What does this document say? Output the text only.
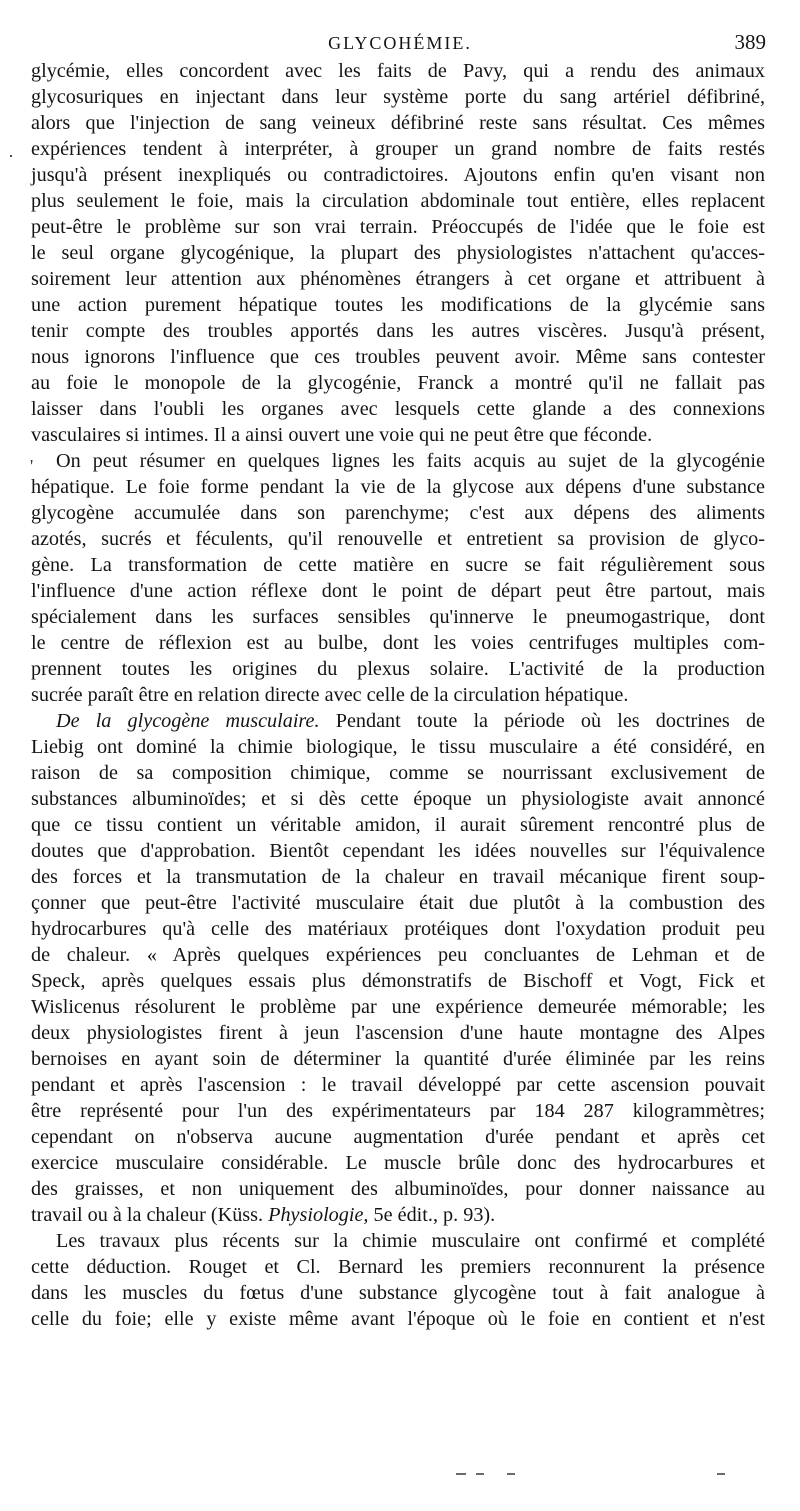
GLYCOHÉMIE.	389
·
'
glycémie, elles concordent avec les faits de Pavy, qui a rendu des animaux
glycosuriques en injectant dans leur système porte du sang artériel défibriné,
alors que l'injection de sang veineux défibriné reste sans résultat. Ces mêmes
expériences tendent à interpréter, à grouper un grand nombre de faits restés
jusqu'à présent inexpliqués ou contradictoires. Ajoutons enfin qu'en visant non
plus seulement le foie, mais la circulation abdominale tout entière, elles replacent
peut-être le problème sur son vrai terrain. Préoccupés de l'idée que le foie est
le seul organe glycogénique, la plupart des physiologistes n'attachent qu'acces-
soirement leur attention aux phénomènes étrangers à cet organe et attribuent à
une action purement hépatique toutes les modifications de la glycémie sans
tenir compte des troubles apportés dans les autres viscères. Jusqu'à présent,
nous ignorons l'influence que ces troubles peuvent avoir. Même sans contester
au foie le monopole de la glycogénie, Franck a montré qu'il ne fallait pas
laisser dans l'oubli les organes avec lesquels cette glande a des connexions
vasculaires si intimes. Il a ainsi ouvert une voie qui ne peut être que féconde.
On peut résumer en quelques lignes les faits acquis au sujet de la glycogénie
hépatique. Le foie forme pendant la vie de la glycose aux dépens d'une substance
glycogène accumulée dans son parenchyme; c'est aux dépens des aliments
azotés, sucrés et féculents, qu'il renouvelle et entretient sa provision de glyco-
gène. La transformation de cette matière en sucre se fait régulièrement sous
l'influence d'une action réflexe dont le point de départ peut être partout, mais
spécialement dans les surfaces sensibles qu'innerve le pneumogastrique, dont
le centre de réflexion est au bulbe, dont les voies centrifuges multiples com-
prennent toutes les origines du plexus solaire. L'activité de la production
sucrée paraît être en relation directe avec celle de la circulation hépatique.
De la glycogène musculaire. Pendant toute la période où les doctrines de
Liebig ont dominé la chimie biologique, le tissu musculaire a été considéré, en
raison de sa composition chimique, comme se nourrissant exclusivement de
substances albuminoïdes; et si dès cette époque un physiologiste avait annoncé
que ce tissu contient un véritable amidon, il aurait sûrement rencontré plus de
doutes que d'approbation. Bientôt cependant les idées nouvelles sur l'équivalence
des forces et la transmutation de la chaleur en travail mécanique firent soup-
çonner que peut-être l'activité musculaire était due plutôt à la combustion des
hydrocarbures qu'à celle des matériaux protéiques dont l'oxydation produit peu
de chaleur. « Après quelques expériences peu concluantes de Lehman et de
Speck, après quelques essais plus démonstratifs de Bischoff et Vogt, Fick et
Wislicenus résolurent le problème par une expérience demeurée mémorable; les
deux physiologistes firent à jeun l'ascension d'une haute montagne des Alpes
bernoises en ayant soin de déterminer la quantité d'urée éliminée par les reins
pendant et après l'ascension : le travail développé par cette ascension pouvait
être représenté pour l'un des expérimentateurs par 184 287 kilogrammètres;
cependant on n'observa aucune augmentation d'urée pendant et après cet
exercice musculaire considérable. Le muscle brûle donc des hydrocarbures et
des graisses, et non uniquement des albuminoïdes, pour donner naissance au
travail ou à la chaleur (Küss. Physiologie, 5e édit., p. 93).
Les travaux plus récents sur la chimie musculaire ont confirmé et complété
cette déduction. Rouget et Cl. Bernard les premiers reconnurent la présence
dans les muscles du fœtus d'une substance glycogène tout à fait analogue à
celle du foie; elle y existe même avant l'époque où le foie en contient et n'est
